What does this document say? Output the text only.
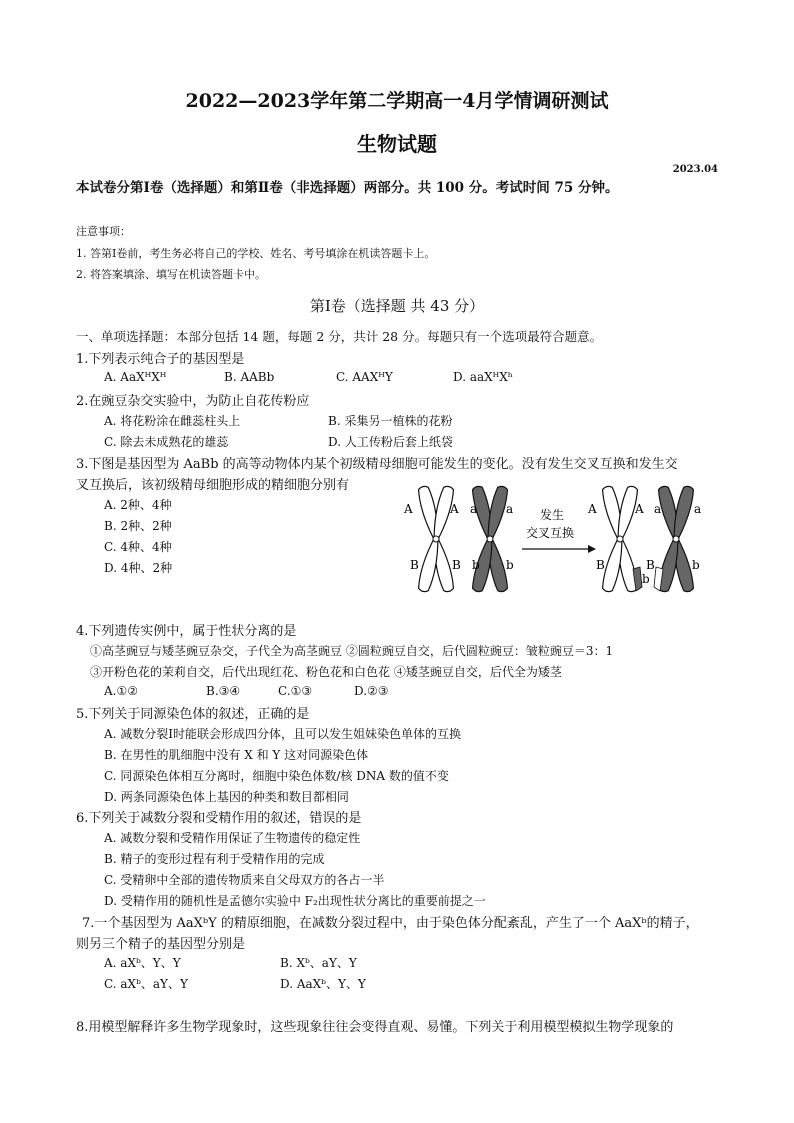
2022—2023学年第二学期高一4月学情调研测试
生物试题
2023.04
本试卷分第Ⅰ卷（选择题）和第Ⅱ卷（非选择题）两部分。共 100 分。考试时间 75 分钟。
注意事项：
1. 答第Ⅰ卷前，考生务必将自己的学校、姓名、考号填涂在机读答题卡上。
2. 将答案填涂、填写在机读答题卡中。
第Ⅰ卷（选择题 共 43 分）
一、单项选择题：本部分包括 14 题，每题 2 分，共计 28 分。每题只有一个选项最符合题意。
1.下列表示纯合子的基因型是
A. AaXᴴXᴴ	B. AABb	C. AAXᴴY	D. aaXᴴXʰ
2.在豌豆杂交实验中，为防止自花传粉应
A. 将花粉涂在雌蕊柱头上	B. 采集另一植株的花粉
C. 除去未成熟花的雄蕊	D. 人工传粉后套上纸袋
3.下图是基因型为 AaBb 的高等动物体内某个初级精母细胞可能发生的变化。没有发生交叉互换和发生交
叉互换后，该初级精母细胞形成的精细胞分别有
A. 2种、4种
B. 2种、2种
C. 4种、4种
D. 4种、2种
A	A a a
B	B b b
发生
交叉互换
A	A a	a
B
b
B	b
4.下列遗传实例中，属于性状分离的是
①高茎豌豆与矮茎豌豆杂交，子代全为高茎豌豆 ②圆粒豌豆自交，后代圆粒豌豆：皱粒豌豆＝3：1
③开粉色花的茉莉自交，后代出现红花、粉色花和白色花 ④矮茎豌豆自交，后代全为矮茎
A.①②	B.③④	C.①③	D.②③
5.下列关于同源染色体的叙述，正确的是
A. 减数分裂Ⅰ时能联会形成四分体，且可以发生姐妹染色单体的互换
B. 在男性的肌细胞中没有 X 和 Y 这对同源染色体
C. 同源染色体相互分离时，细胞中染色体数/核 DNA 数的值不变
D. 两条同源染色体上基因的种类和数目都相同
6.下列关于减数分裂和受精作用的叙述，错误的是
A. 减数分裂和受精作用保证了生物遗传的稳定性
B. 精子的变形过程有利于受精作用的完成
C. 受精卵中全部的遗传物质来自父母双方的各占一半
D. 受精作用的随机性是孟德尔实验中 F₂出现性状分离比的重要前提之一
7.一个基因型为 AaXᵇY 的精原细胞，在减数分裂过程中，由于染色体分配紊乱，产生了一个 AaXᵇ的精子，
则另三个精子的基因型分别是
A. aXᵇ、Y、Y	B. Xᵇ、aY、Y
C. aXᵇ、aY、Y	D. AaXᵇ、Y、Y
8.用模型解释许多生物学现象时，这些现象往往会变得直观、易懂。下列关于利用模型模拟生物学现象的
